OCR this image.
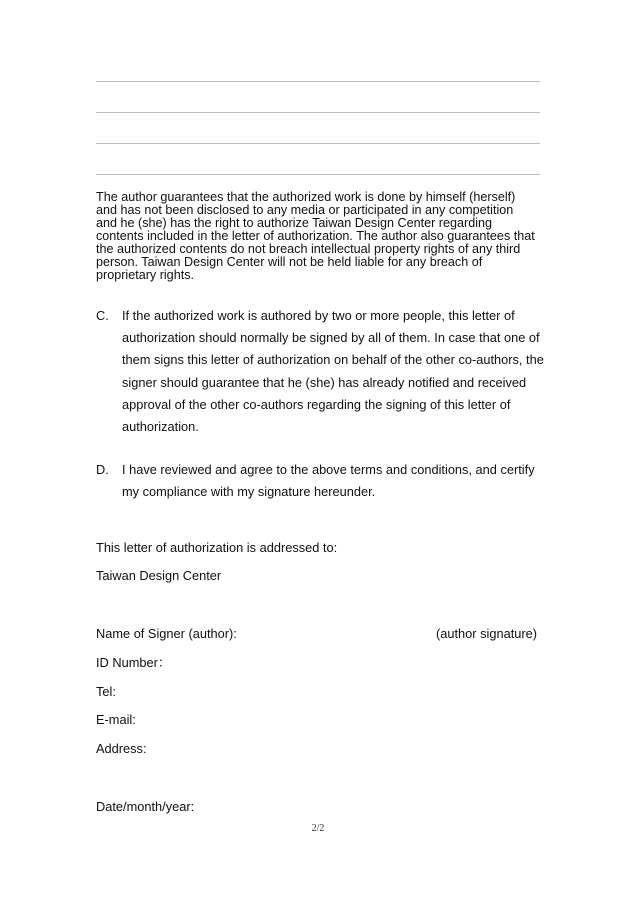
The author guarantees that the authorized work is done by himself (herself)
and has not been disclosed to any media or participated in any competition
and he (she) has the right to authorize Taiwan Design Center regarding
contents included in the letter of authorization. The author also guarantees that
the authorized contents do not breach intellectual property rights of any third
person. Taiwan Design Center will not be held liable for any breach of
proprietary rights.
C. If the authorized work is authored by two or more people, this letter of
authorization should normally be signed by all of them. In case that one of
them signs this letter of authorization on behalf of the other co-authors, the
signer should guarantee that he (she) has already notified and received
approval of the other co-authors regarding the signing of this letter of
authorization.
D. I have reviewed and agree to the above terms and conditions, and certify
my compliance with my signature hereunder.
This letter of authorization is addressed to:
Taiwan Design Center
Name of Signer (author):	(author signature)
ID Number：
Tel:
E-mail:
Address:
Date/month/year:
2/2
